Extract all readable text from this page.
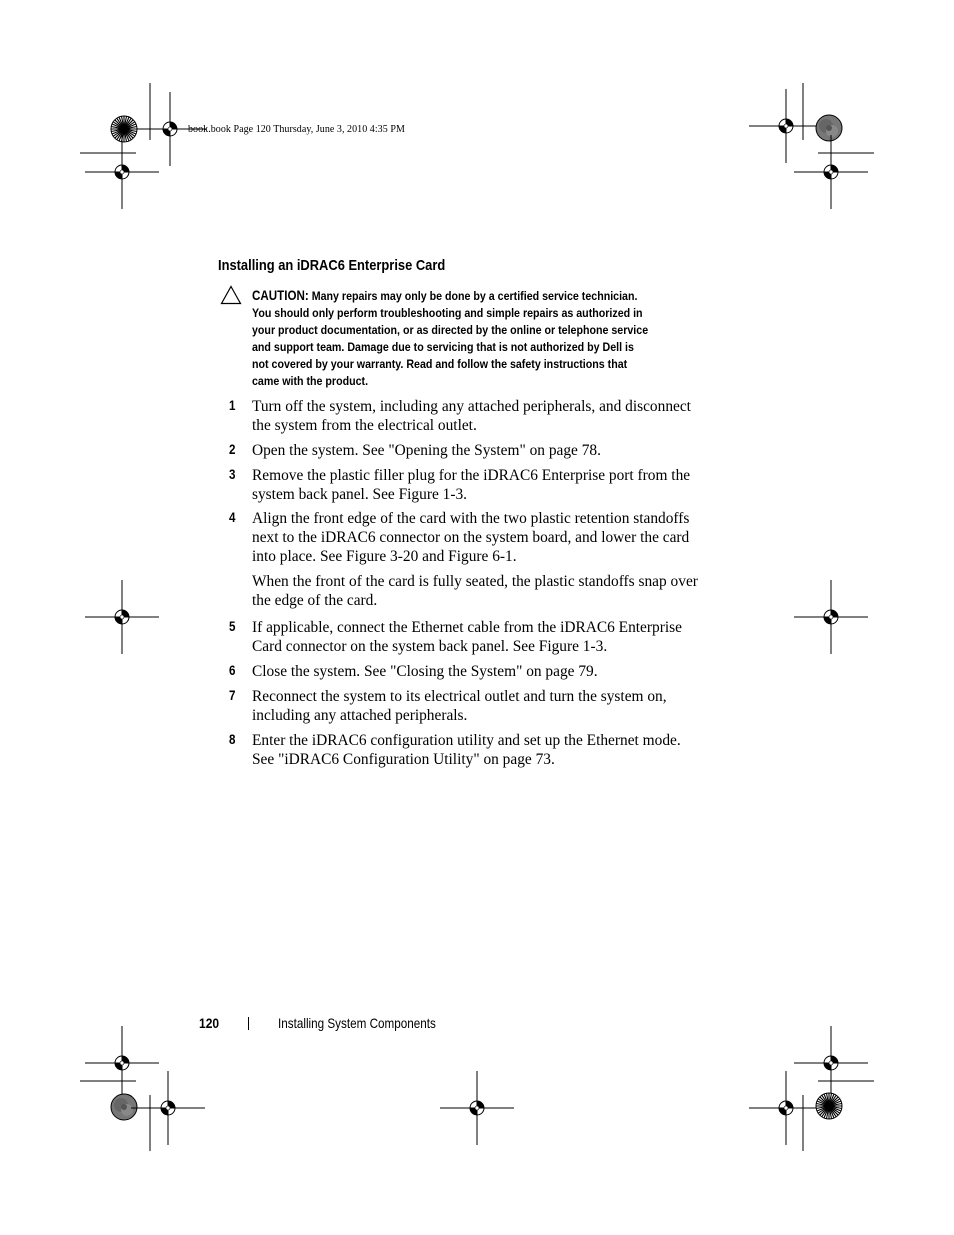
book.book Page 120 Thursday, June 3, 2010 4:35 PM
Installing an iDRAC6 Enterprise Card
CAUTION: Many repairs may only be done by a certified service technician.
You should only perform troubleshooting and simple repairs as authorized in
your product documentation, or as directed by the online or telephone service
and support team. Damage due to servicing that is not authorized by Dell is
not covered by your warranty. Read and follow the safety instructions that
came with the product.
1 Turn off the system, including any attached peripherals, and disconnect
the system from the electrical outlet.
2 Open the system. See "Opening the System" on page 78.
3 Remove the plastic filler plug for the iDRAC6 Enterprise port from the
system back panel. See Figure 1-3.
4 Align the front edge of the card with the two plastic retention standoffs
next to the iDRAC6 connector on the system board, and lower the card
into place. See Figure 3-20 and Figure 6-1.
When the front of the card is fully seated, the plastic standoffs snap over
the edge of the card.
5 If applicable, connect the Ethernet cable from the iDRAC6 Enterprise
Card connector on the system back panel. See Figure 1-3.
6 Close the system. See "Closing the System" on page 79.
7 Reconnect the system to its electrical outlet and turn the system on,
including any attached peripherals.
8 Enter the iDRAC6 configuration utility and set up the Ethernet mode.
See "iDRAC6 Configuration Utility" on page 73.
120	Installing System Components
